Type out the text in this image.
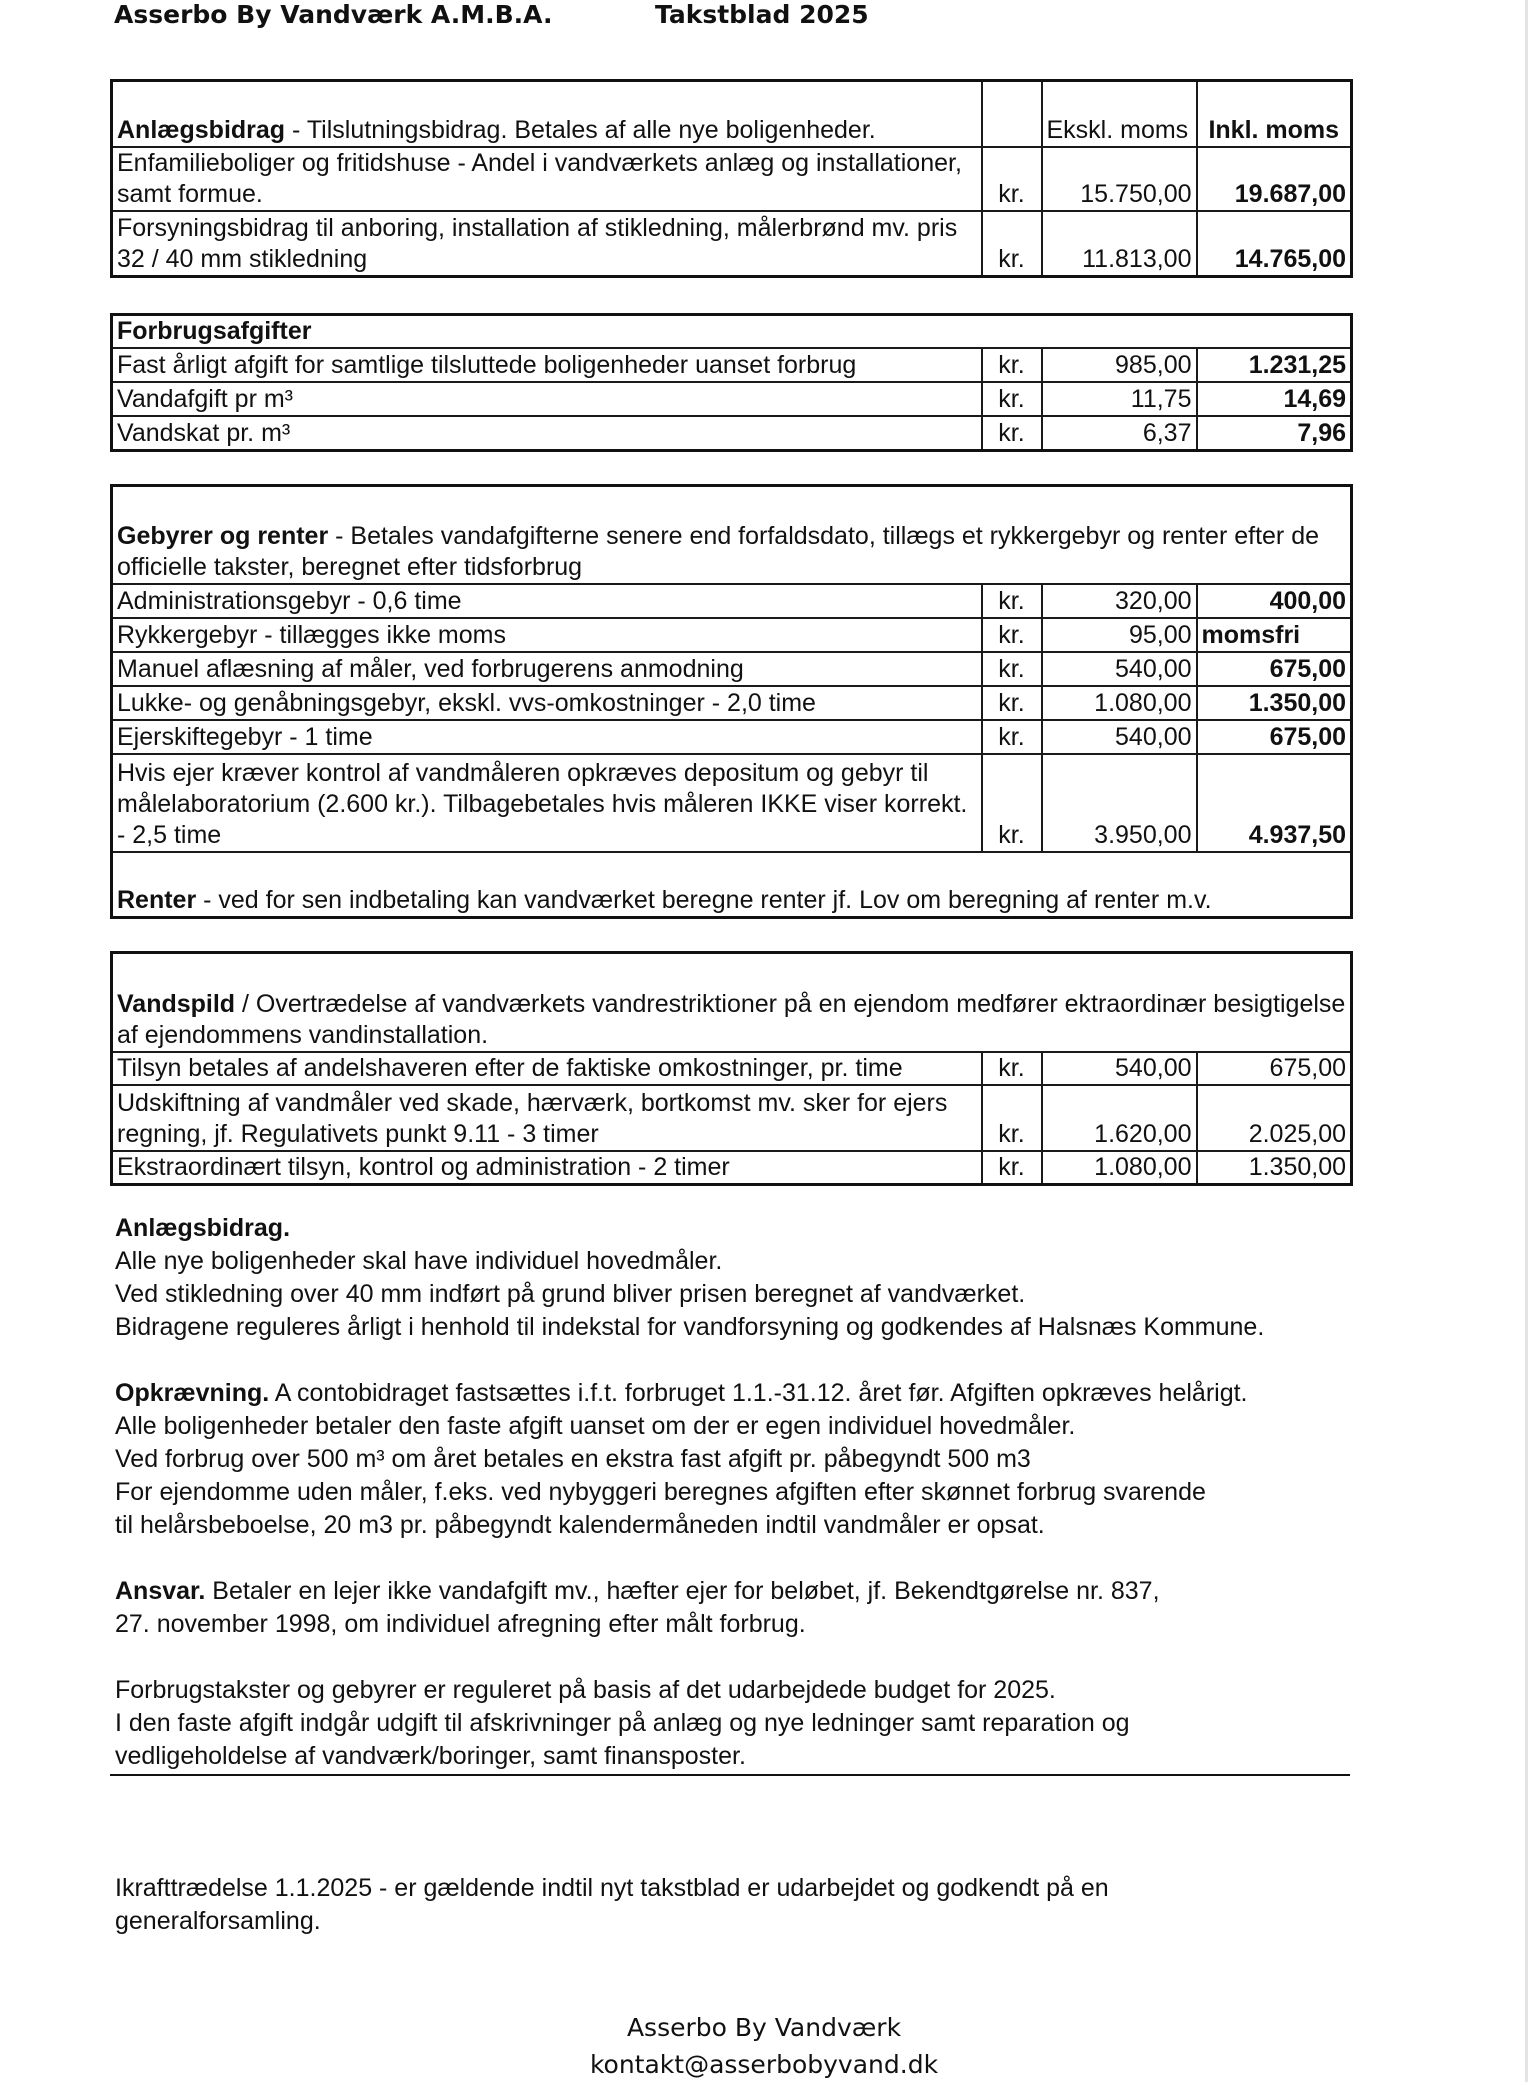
Asserbo By Vandværk A.M.B.A.	Takstblad 2025
Anlægsbidrag - Tilslutningsbidrag. Betales af alle nye boligenheder.		Ekskl. moms	Inkl. moms
Enfamilieboliger og fritidshuse - Andel i vandværkets anlæg og installationer, samt formue.	kr.	15.750,00	19.687,00
Forsyningsbidrag til anboring, installation af stikledning, målerbrønd mv. pris 32 / 40 mm stikledning	kr.	11.813,00	14.765,00
Forbrugsafgifter			
Fast årligt afgift for samtlige tilsluttede boligenheder uanset forbrug	kr.	985,00	1.231,25
Vandafgift pr m³	kr.	11,75	14,69
Vandskat pr. m³	kr.	6,37	7,96
Gebyrer og renter - Betales vandafgifterne senere end forfaldsdato, tillægs et rykkergebyr og renter efter de officielle takster, beregnet efter tidsforbrug			
Administrationsgebyr - 0,6 time	kr.	320,00	400,00
Rykkergebyr - tillægges ikke moms	kr.	95,00	momsfri
Manuel aflæsning af måler, ved forbrugerens anmodning	kr.	540,00	675,00
Lukke- og genåbningsgebyr, ekskl. vvs-omkostninger - 2,0 time	kr.	1.080,00	1.350,00
Ejerskiftegebyr - 1 time	kr.	540,00	675,00
Hvis ejer kræver kontrol af vandmåleren opkræves depositum og gebyr til målelaboratorium (2.600 kr.). Tilbagebetales hvis måleren IKKE viser korrekt. - 2,5 time	kr.	3.950,00	4.937,50
Renter - ved for sen indbetaling kan vandværket beregne renter jf. Lov om beregning af renter m.v.			
Vandspild / Overtrædelse af vandværkets vandrestriktioner på en ejendom medfører ektraordinær besigtigelse af ejendommens vandinstallation.			
Tilsyn betales af andelshaveren efter de faktiske omkostninger, pr. time	kr.	540,00	675,00
Udskiftning af vandmåler ved skade, hærværk, bortkomst mv. sker for ejers regning, jf. Regulativets punkt 9.11 - 3 timer	kr.	1.620,00	2.025,00
Ekstraordinært tilsyn, kontrol og administration - 2 timer	kr.	1.080,00	1.350,00

Anlægsbidrag.
Alle nye boligenheder skal have individuel hovedmåler.
Ved stikledning over 40 mm indført på grund bliver prisen beregnet af vandværket.
Bidragene reguleres årligt i henhold til indekstal for vandforsyning og godkendes af Halsnæs Kommune.

Opkrævning. A contobidraget fastsættes i.f.t. forbruget 1.1.-31.12. året før. Afgiften opkræves helårigt.
Alle boligenheder betaler den faste afgift uanset om der er egen individuel hovedmåler.
Ved forbrug over 500 m³ om året betales en ekstra fast afgift pr. påbegyndt 500 m3
For ejendomme uden måler, f.eks. ved nybyggeri beregnes afgiften efter skønnet forbrug svarende
til helårsbeboelse, 20 m3 pr. påbegyndt kalendermåneden indtil vandmåler er opsat.

Ansvar. Betaler en lejer ikke vandafgift mv., hæfter ejer for beløbet, jf. Bekendtgørelse nr. 837,
27. november 1998, om individuel afregning efter målt forbrug.

Forbrugstakster og gebyrer er reguleret på basis af det udarbejdede budget for 2025.
I den faste afgift indgår udgift til afskrivninger på anlæg og nye ledninger samt reparation og
vedligeholdelse af vandværk/boringer, samt finansposter.

Ikrafttrædelse 1.1.2025 - er gældende indtil nyt takstblad er udarbejdet og godkendt på en
generalforsamling.
Asserbo By Vandværk
kontakt@asserbobyvand.dk
